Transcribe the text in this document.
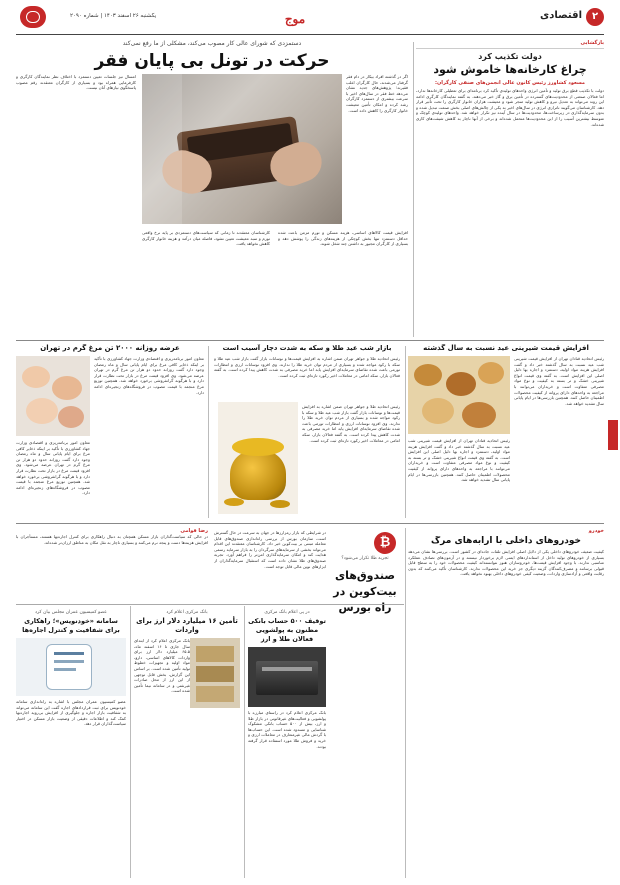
۲
اقتصادی
موج
یکشنبه ۲۶ اسفند ۱۴۰۳ | شماره ۲۰۹۰
بازگشایی
دولت تکذیب کرد
چراغ کارخانه‌ها خاموش شود
مسعود کشاورز رئیس کانون عالی انجمن‌های صنفی کارگران:
دولت با تکذیب قطع برق تولید و تأمین انرژی واحدهای تولیدی تأکید کرد برنامه‌ای برای تعطیلی کارخانه‌ها ندارد، اما فعالان صنعتی از محدودیت‌های گسترده در تأمین برق و گاز خبر می‌دهند. به گفته نمایندگان کارگری ادامه این روند می‌تواند به تعدیل نیرو و کاهش تولید منجر شود و معیشت هزاران خانوار کارگری را تحت تأثیر قرار دهد. کارشناسان می‌گویند ناترازی انرژی در سال‌های اخیر به یکی از چالش‌های اصلی بخش صنعت تبدیل شده و بدون سرمایه‌گذاری در زیرساخت‌ها، محدودیت‌ها در سال آینده نیز تکرار خواهد شد. واحدهای تولیدی کوچک و متوسط بیشترین آسیب را از این محدودیت‌ها متحمل شده‌اند و برخی از آنها ناچار به کاهش شیفت‌های کاری شده‌اند.
دستمزدی که شورای عالی کار مصوب می‌کند، مشکلی از ما رفع نمی‌کند
حرکت در تونل بی پایان فقر
اگر در گذشته افراد بیکار در دام فقر گرفتار می‌شدند، حال کارگران اغلب فقیرند؛ پژوهش‌های جدید نشان می‌دهد خط فقر در سال‌های اخیر با سرعت بیشتری از دستمزد کارگران رشد کرده و امکان تأمین معیشت خانوار کارگری را کاهش داده است.
امسال نیز جلسات تعیین دستمزد با اختلاف نظر نمایندگان کارگری و کارفرمایی همراه بود و بسیاری از کارگران معتقدند رقم مصوب پاسخگوی نیازهای آنان نیست.
افزایش قیمت کالاهای اساسی، هزینه مسکن و تورم مزمن باعث شده حداقل دستمزد تنها بخش کوچکی از هزینه‌های زندگی را پوشش دهد و بسیاری از کارگران مجبور به داشتن چند شغل شوند.
کارشناسان معتقدند تا زمانی که سیاست‌های دستمزدی بر پایه نرخ واقعی تورم و سبد معیشت تعیین نشود، فاصله میان درآمد و هزینه خانوار کارگری کاهش نخواهد یافت.
افزایش قیمت شیرینی عید نسبت به سال گذشته
رئیس اتحادیه قنادان تهران از افزایش قیمت شیرینی شب عید نسبت به سال گذشته خبر داد و گفت افزایش هزینه مواد اولیه، دستمزد و اجاره بها دلیل اصلی این افزایش است. به گفته وی قیمت انواع شیرینی خشک و تر بسته به کیفیت و نوع مواد مصرفی متفاوت است و خریداران می‌توانند با مراجعه به واحدهای دارای پروانه از کیفیت محصولات اطمینان حاصل کنند. همچنین بازرسی‌ها در ایام پایانی سال تشدید خواهد شد.
رئیس اتحادیه قنادان تهران از افزایش قیمت شیرینی شب عید نسبت به سال گذشته خبر داد و گفت افزایش هزینه مواد اولیه، دستمزد و اجاره بها دلیل اصلی این افزایش است. به گفته وی قیمت انواع شیرینی خشک و تر بسته به کیفیت و نوع مواد مصرفی متفاوت است و خریداران می‌توانند با مراجعه به واحدهای دارای پروانه از کیفیت محصولات اطمینان حاصل کنند. همچنین بازرسی‌ها در ایام پایانی سال تشدید خواهد شد.
بازار شب عید طلا و سکه به شدت دچار آسیب است
رئیس اتحادیه طلا و جواهر تهران ضمن اشاره به افزایش قیمت‌ها و نوسانات بازار گفت بازار شب عید طلا و سکه با رکود مواجه شده و بسیاری از مردم توان خرید طلا را ندارند. وی افزود نوسانات ارزی و انتظارات تورمی باعث شده تقاضای سرمایه‌ای افزایش یابد اما خرید مصرفی به شدت کاهش پیدا کرده است. به گفته فعالان بازار، سکه امامی در معاملات اخیر رکورد تازه‌ای ثبت کرده است.
رئیس اتحادیه طلا و جواهر تهران ضمن اشاره به افزایش قیمت‌ها و نوسانات بازار گفت بازار شب عید طلا و سکه با رکود مواجه شده و بسیاری از مردم توان خرید طلا را ندارند. وی افزود نوسانات ارزی و انتظارات تورمی باعث شده تقاضای سرمایه‌ای افزایش یابد اما خرید مصرفی به شدت کاهش پیدا کرده است. به گفته فعالان بازار، سکه امامی در معاملات اخیر رکورد تازه‌ای ثبت کرده است.
عرضه روزانه ۲۰۰۰ تن مرغ گرم در تهران
معاون امور برنامه‌ریزی و اقتصادی وزارت جهاد کشاورزی با تأکید بر اینکه ذخایر کافی مرغ برای ایام پایانی سال و ماه رمضان وجود دارد گفت روزانه حدود دو هزار تن مرغ گرم در تهران عرضه می‌شود. وی افزود قیمت مرغ در بازار تحت نظارت قرار دارد و با هرگونه گرانفروشی برخورد خواهد شد. همچنین توزیع مرغ منجمد با قیمت مصوب در فروشگاه‌های زنجیره‌ای ادامه دارد.
معاون امور برنامه‌ریزی و اقتصادی وزارت جهاد کشاورزی با تأکید بر اینکه ذخایر کافی مرغ برای ایام پایانی سال و ماه رمضان وجود دارد گفت روزانه حدود دو هزار تن مرغ گرم در تهران عرضه می‌شود. وی افزود قیمت مرغ در بازار تحت نظارت قرار دارد و با هرگونه گرانفروشی برخورد خواهد شد. همچنین توزیع مرغ منجمد با قیمت مصوب در فروشگاه‌های زنجیره‌ای ادامه دارد.
خودرو
خودروهای داخلی با ارابه‌های مرگ
کیفیت ضعیف خودروهای داخلی یکی از دلایل اصلی افزایش تلفات جاده‌ای در کشور است. بررسی‌ها نشان می‌دهد بسیاری از خودروهای تولید داخل از استانداردهای ایمنی لازم برخوردار نیستند و در آزمون‌های تصادف عملکرد مناسبی ندارند. با وجود افزایش قیمت‌ها، خودروسازان هنوز نتوانسته‌اند کیفیت محصولات خود را به سطح قابل قبولی برسانند و مصرف‌کنندگان گزینه دیگری جز خرید این محصولات ندارند. کارشناسان تأکید می‌کنند که بدون رقابت واقعی و آزادسازی واردات، وضعیت کیفی خودروهای داخلی بهبود نخواهد یافت.
₿
تجربه طلا تکرار می‌شود؟
صندوق‌های بیت‌کوین در راه بورس
در شرایطی که بازار رمزارزها در جهان به سرعت در حال گسترش است، سازمان بورس از بررسی راه‌اندازی صندوق‌های قابل معامله مبتنی بر بیت‌کوین خبر داد. کارشناسان معتقدند این اقدام می‌تواند بخشی از سرمایه‌های سرگردان را به بازار سرمایه رسمی هدایت کند و امکان سرمایه‌گذاری امن‌تر را فراهم آورد. تجربه صندوق‌های طلا نشان داده است که استقبال سرمایه‌گذاران از ابزارهای نوین مالی قابل توجه است.
رضا قوامی
در حالی که سیاست‌گذاران بازار مسکن همچنان به دنبال راهکاری برای کنترل اجاره‌بها هستند، مستأجران با افزایش هزینه‌ها دست و پنجه نرم می‌کنند و بسیاری ناچار به نقل مکان به مناطق ارزان‌تر شده‌اند.
در پی اعلام بانک مرکزی
توقیف ۵۰۰ حساب بانکی مظنون به پولشویی فعالان طلا و ارز
بانک مرکزی اعلام کرد در راستای مبارزه با پولشویی و فعالیت‌های غیرقانونی در بازار طلا و ارز، بیش از ۵۰۰ حساب بانکی مشکوک شناسایی و مسدود شده است. این حساب‌ها با گردش مالی غیرمتعارف در معاملات ارزی و خرید و فروش طلا مورد استفاده قرار گرفته بودند.
بانک مرکزی اعلام کرد
تأمین ۱۶ میلیارد دلار ارز برای واردات
بانک مرکزی اعلام کرد از ابتدای سال جاری تا ۱۶ اسفند ماه، ۶۵.۵ میلیارد دلار ارز برای واردات کالاهای اساسی، دارو، مواد اولیه و تجهیزات خطوط تولید تأمین شده است. بر اساس این گزارش، بخش قابل توجهی از این ارز از محل صادرات غیرنفتی و در سامانه نیما تأمین شده است.
عضو کمیسیون عمران مجلس بیان کرد
سامانه «خودنویس»؛ راهکاری برای شفافیت و کنترل اجاره‌ها
عضو کمیسیون عمران مجلس با اشاره به راه‌اندازی سامانه خودنویس برای ثبت قراردادهای اجاره گفت این سامانه می‌تواند به شفافیت بازار اجاره و جلوگیری از افزایش بی‌رویه اجاره‌بها کمک کند و اطلاعات دقیقی از وضعیت بازار مسکن در اختیار سیاست‌گذاران قرار دهد.
